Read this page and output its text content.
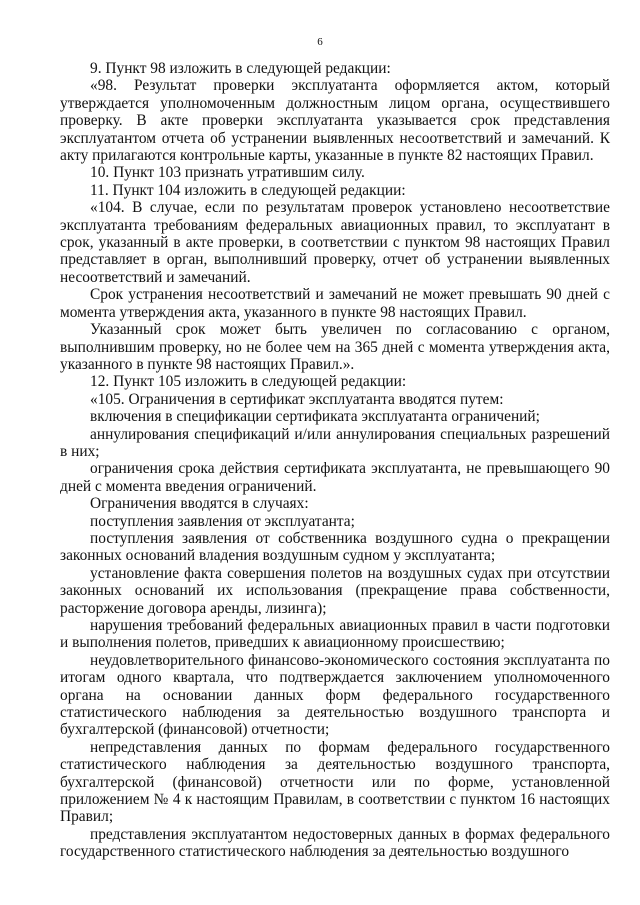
6

9. Пункт 98 изложить в следующей редакции:

«98. Результат проверки эксплуатанта оформляется актом, который утверждается уполномоченным должностным лицом органа, осуществившего проверку. В акте проверки эксплуатанта указывается срок представления эксплуатантом отчета об устранении выявленных несоответствий и замечаний. К акту прилагаются контрольные карты, указанные в пункте 82 настоящих Правил.

10. Пункт 103 признать утратившим силу.

11. Пункт 104 изложить в следующей редакции:

«104. В случае, если по результатам проверок установлено несоответствие эксплуатанта требованиям федеральных авиационных правил, то эксплуатант в срок, указанный в акте проверки, в соответствии с пунктом 98 настоящих Правил представляет в орган, выполнивший проверку, отчет об устранении выявленных несоответствий и замечаний.

Срок устранения несоответствий и замечаний не может превышать 90 дней с момента утверждения акта, указанного в пункте 98 настоящих Правил.

Указанный срок может быть увеличен по согласованию с органом, выполнившим проверку, но не более чем на 365 дней с момента утверждения акта, указанного в пункте 98 настоящих Правил.».

12. Пункт 105 изложить в следующей редакции:

«105. Ограничения в сертификат эксплуатанта вводятся путем:

включения в спецификации сертификата эксплуатанта ограничений;

аннулирования спецификаций и/или аннулирования специальных разрешений в них;

ограничения срока действия сертификата эксплуатанта, не превышающего 90 дней с момента введения ограничений.

Ограничения вводятся в случаях:

поступления заявления от эксплуатанта;

поступления заявления от собственника воздушного судна о прекращении законных оснований владения воздушным судном у эксплуатанта;

установление факта совершения полетов на воздушных судах при отсутствии законных оснований их использования (прекращение права собственности, расторжение договора аренды, лизинга);

нарушения требований федеральных авиационных правил в части подготовки и выполнения полетов, приведших к авиационному происшествию;

неудовлетворительного финансово-экономического состояния эксплуатанта по итогам одного квартала, что подтверждается заключением уполномоченного органа на основании данных форм федерального государственного статистического наблюдения за деятельностью воздушного транспорта и бухгалтерской (финансовой) отчетности;

непредставления данных по формам федерального государственного статистического наблюдения за деятельностью воздушного транспорта, бухгалтерской (финансовой) отчетности или по форме, установленной приложением № 4 к настоящим Правилам, в соответствии с пунктом 16 настоящих Правил;

представления эксплуатантом недостоверных данных в формах федерального государственного статистического наблюдения за деятельностью воздушного
